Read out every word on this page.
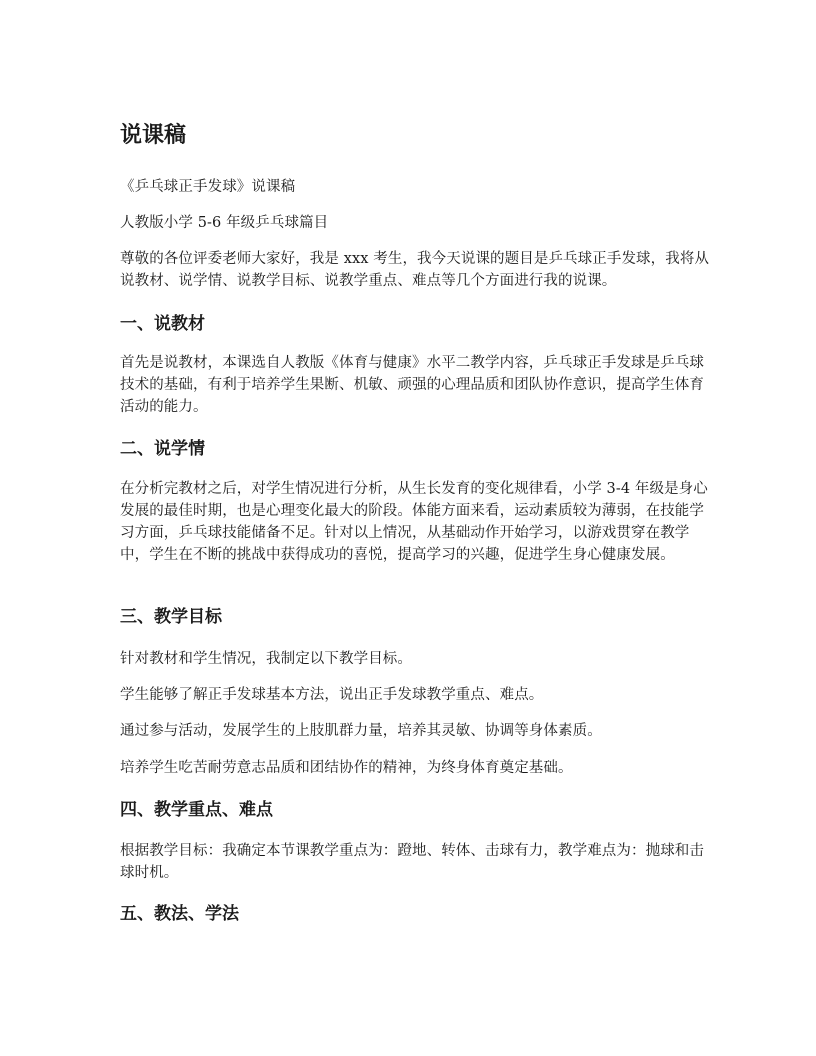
说课稿

《乒乓球正手发球》说课稿

人教版小学 5-6 年级乒乓球篇目

尊敬的各位评委老师大家好，我是 xxx 考生，我今天说课的题目是乒乓球正手发球，我将从说教材、说学情、说教学目标、说教学重点、难点等几个方面进行我的说课。

一、说教材

首先是说教材，本课选自人教版《体育与健康》水平二教学内容，乒乓球正手发球是乒乓球技术的基础，有利于培养学生果断、机敏、顽强的心理品质和团队协作意识，提高学生体育活动的能力。

二、说学情

在分析完教材之后，对学生情况进行分析，从生长发育的变化规律看，小学 3-4 年级是身心发展的最佳时期，也是心理变化最大的阶段。体能方面来看，运动素质较为薄弱，在技能学习方面，乒乓球技能储备不足。针对以上情况，从基础动作开始学习，以游戏贯穿在教学中，学生在不断的挑战中获得成功的喜悦，提高学习的兴趣，促进学生身心健康发展。

三、教学目标

针对教材和学生情况，我制定以下教学目标。

学生能够了解正手发球基本方法，说出正手发球教学重点、难点。

通过参与活动，发展学生的上肢肌群力量，培养其灵敏、协调等身体素质。

培养学生吃苦耐劳意志品质和团结协作的精神，为终身体育奠定基础。

四、教学重点、难点

根据教学目标：我确定本节课教学重点为：蹬地、转体、击球有力，教学难点为：抛球和击球时机。

五、教法、学法
